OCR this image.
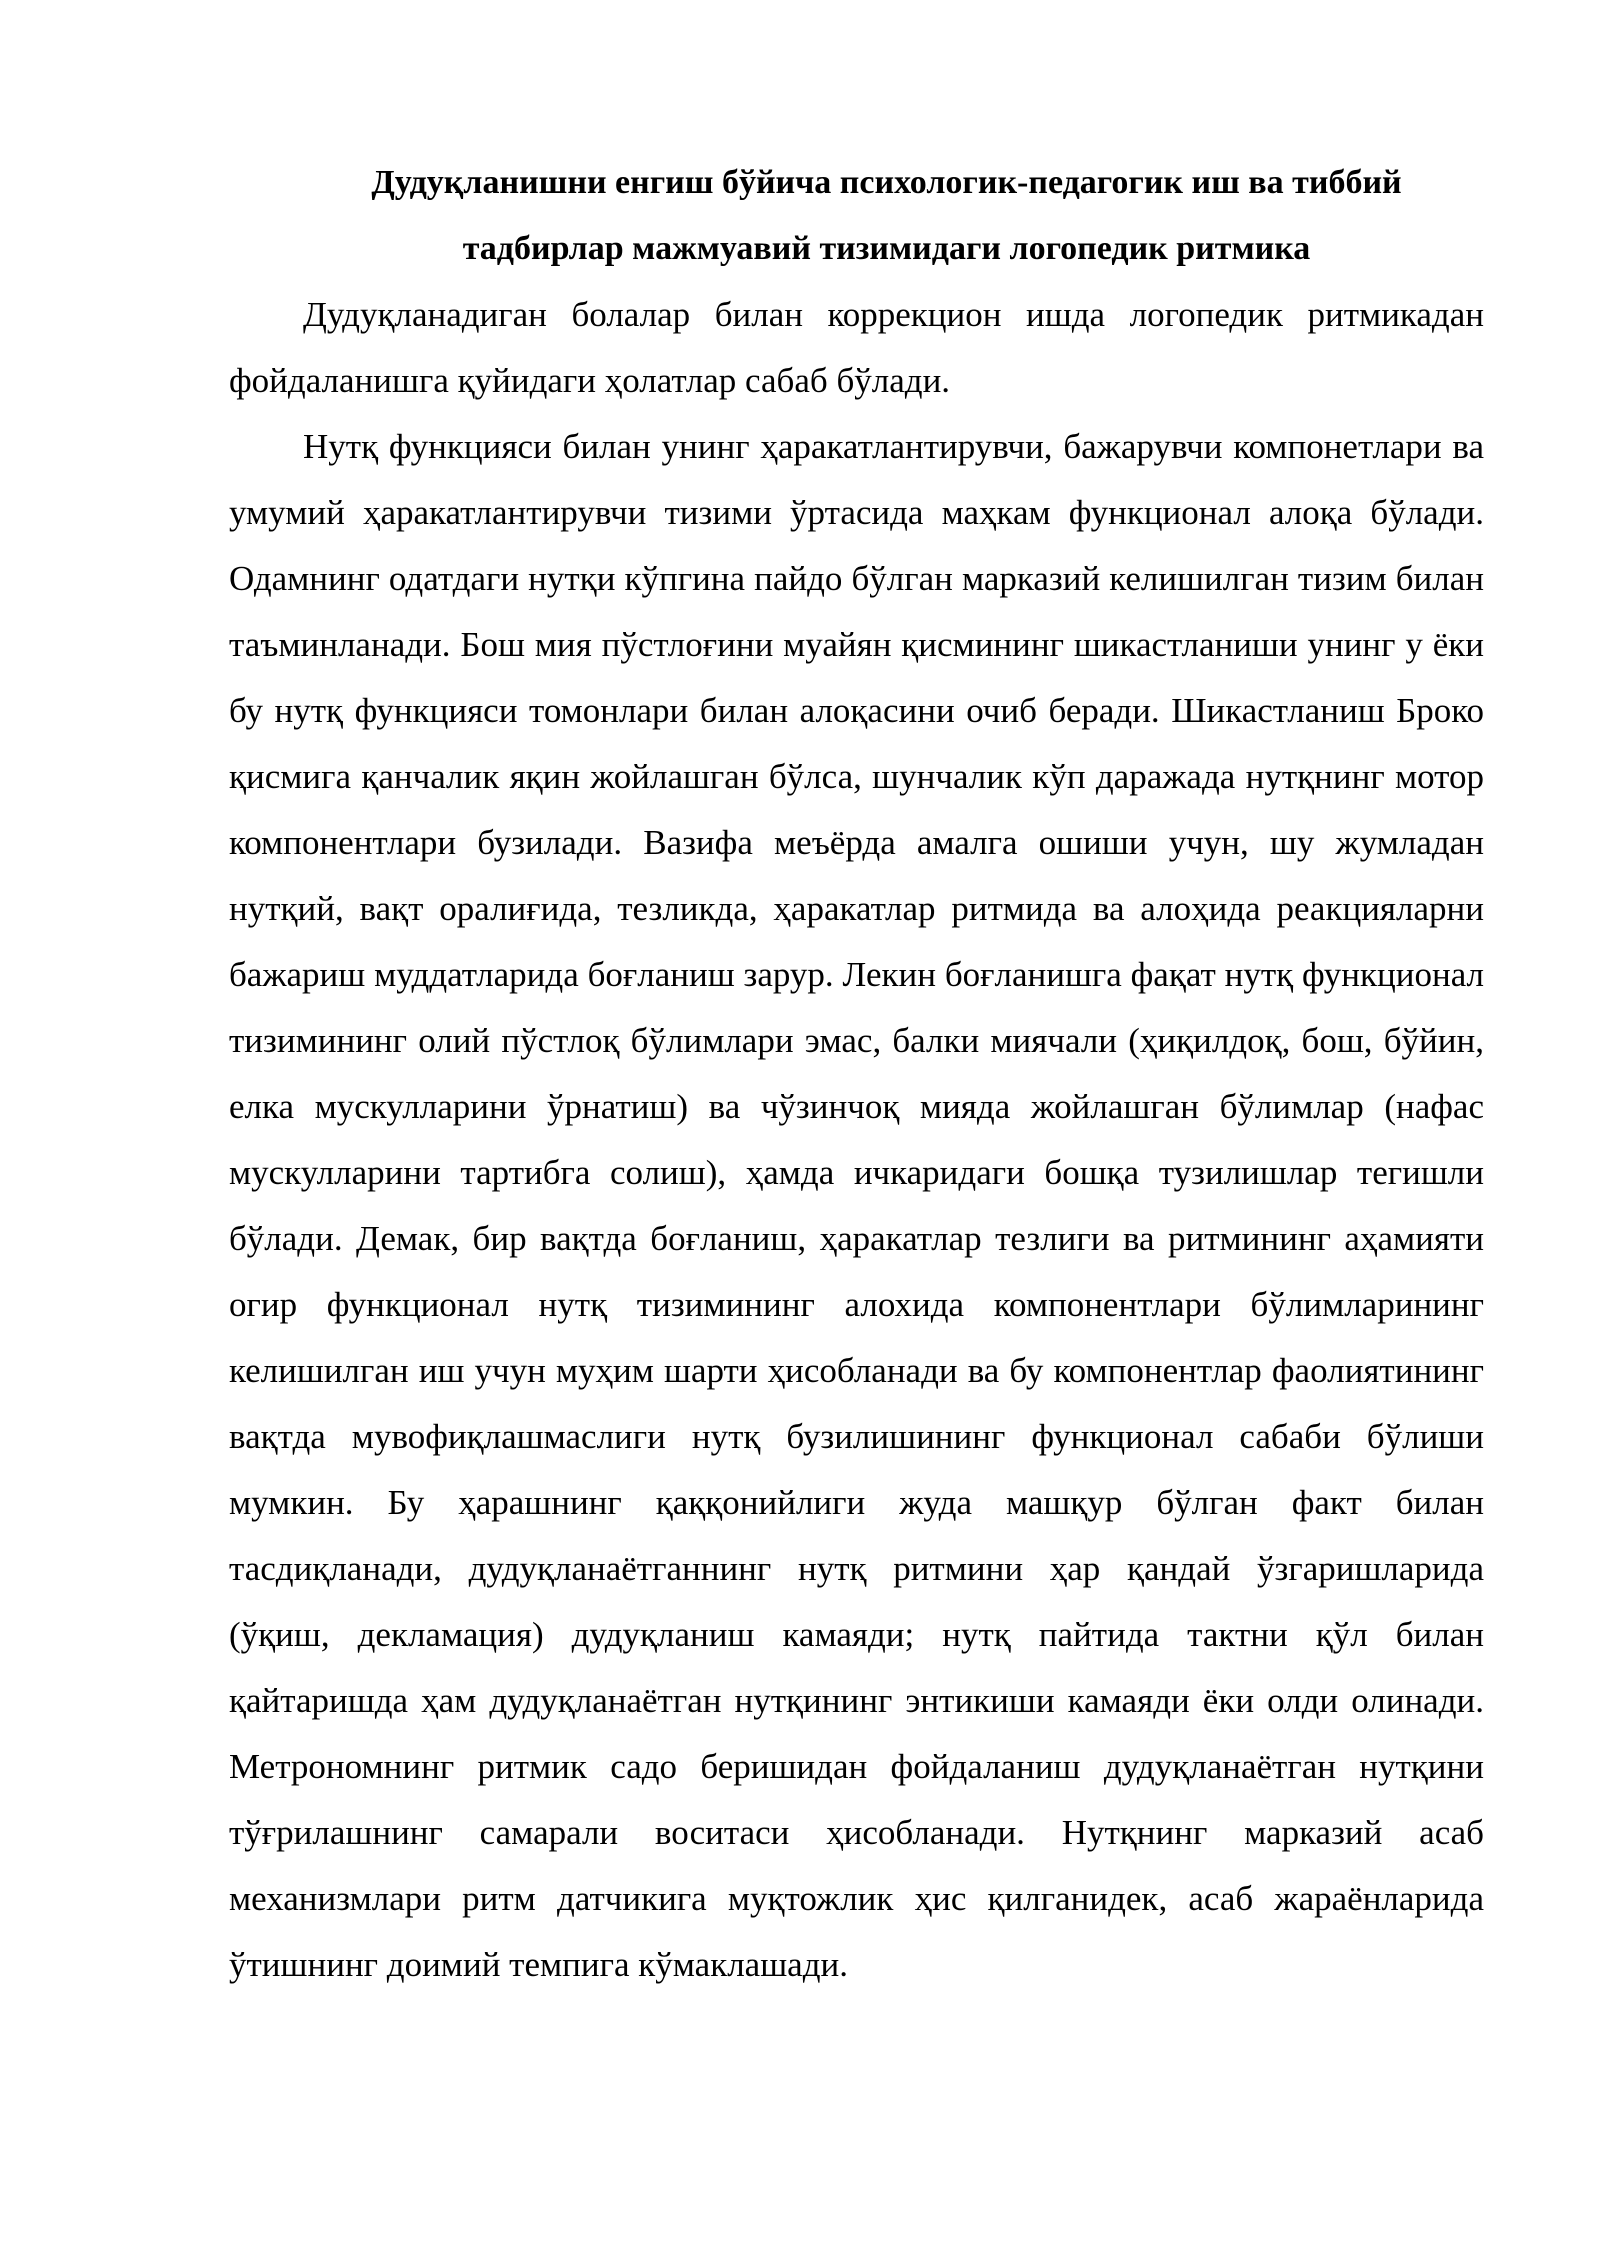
Дудуқланишни енгиш бўйича психологик-педагогик иш ва тиббий
тадбирлар мажмуавий тизимидаги логопедик ритмика

Дудуқланадиган болалар билан коррекцион ишда логопедик ритмикадан фойдаланишга қуйидаги ҳолатлар сабаб бўлади.

Нутқ функцияси билан унинг ҳаракатлантирувчи, бажарувчи компонетлари ва умумий ҳаракатлантирувчи тизими ўртасида маҳкам функционал алоқа бўлади. Одамнинг одатдаги нутқи кўпгина пайдо бўлган марказий келишилган тизим билан таъминланади. Бош мия пўстлоғини муайян қисмининг шикастланиши унинг у ёки бу нутқ функцияси томонлари билан алоқасини очиб беради. Шикастланиш Броко қисмига қанчалик яқин жойлашган бўлса, шунчалик кўп даражада нутқнинг мотор компонентлари бузилади. Вазифа меъёрда амалга ошиши учун, шу жумладан нутқий, вақт оралиғида, тезликда, ҳаракатлар ритмида ва алоҳида реакцияларни бажариш муддатларида боғланиш зарур. Лекин боғланишга фақат нутқ функционал тизимининг олий пўстлоқ бўлимлари эмас, балки миячали (ҳиқилдоқ, бош, бўйин, елка мускулларини ўрнатиш) ва чўзинчоқ мияда жойлашган бўлимлар (нафас мускулларини тартибга солиш), ҳамда ичкаридаги бошқа тузилишлар тегишли бўлади. Демак, бир вақтда боғланиш, ҳаракатлар тезлиги ва ритмининг аҳамияти огир функционал нутқ тизимининг алохида компонентлари бўлимларининг келишилган иш учун муҳим шарти ҳисобланади ва бу компонентлар фаолиятининг вақтда мувофиқлашмаслиги нутқ бузилишининг функционал сабаби бўлиши мумкин. Бу ҳарашнинг қаққонийлиги жуда машқур бўлган факт билан тасдиқланади, дудуқланаётганнинг нутқ ритмини ҳар қандай ўзгаришларида (ўқиш, декламация) дудуқланиш камаяди; нутқ пайтида тактни қўл билан қайтаришда ҳам дудуқланаётган нутқининг энтикиши камаяди ёки олди олинади. Метрономнинг ритмик садо беришидан фойдаланиш дудуқланаётган нутқини тўғрилашнинг самарали воситаси ҳисобланади. Нутқнинг марказий асаб механизмлари ритм датчикига муқтожлик ҳис қилганидек, асаб жараёнларида ўтишнинг доимий темпига кўмаклашади.
